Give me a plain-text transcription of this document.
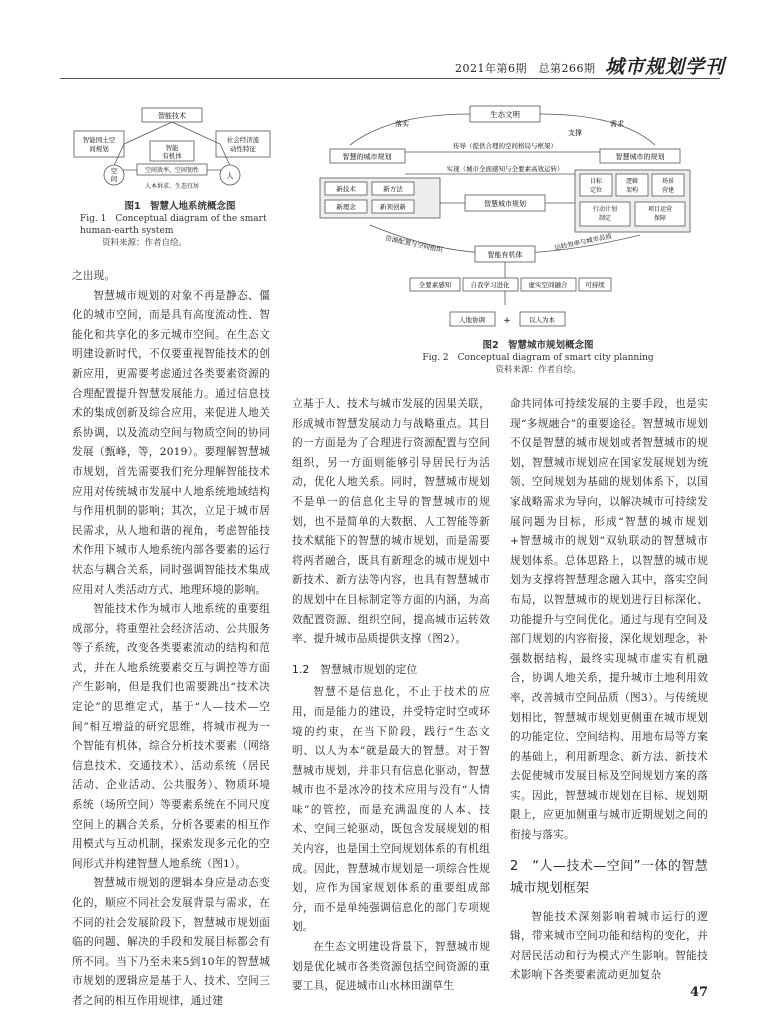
2021年第6期　总第266期 城市规划学刊
智能技术
智能国土空
间规划
社会经济流
动性特征
智能
有机体
空间效率、空间韧性
空
间	人
人本诉求、生态宜居
图1　智慧人地系统概念图
Fig. 1　Conceptual diagram of the smart human-earth system
资料来源：作者自绘。
生态文明
落实	需求
支撑
传导（提供合理的空间格局与框架）
智慧的城市规划	智慧城市的规划
实现（城市全面感知与全要素高效运转）
新技术	新方法
新理念	新领创新	智慧城市规划
目标
定位
逻辑
架构
场景
营建
行动计划
制定
项目运营
保障
资源配置与空间组织	运转效率与城市品质
智能有机体
全要素感知	自我学习进化	虚实空间融合	可持续
人地协调 +	以人为本
图2　智慧城市规划概念图
Fig. 2　Conceptual diagram of smart city planning
资料来源：作者自绘。

之出现。

智慧城市规划的对象不再是静态、僵化的城市空间，而是具有高度流动性、智能化和共享化的多元城市空间。在生态文明建设新时代，不仅要重视智能技术的创新应用，更需要考虑通过各类要素资源的合理配置提升智慧发展能力。通过信息技术的集成创新及综合应用，来促进人地关系协调，以及流动空间与物质空间的协同发展（甄峰，等，2019）。要理解智慧城市规划，首先需要我们充分理解智能技术应用对传统城市发展中人地系统地域结构与作用机制的影响；其次，立足于城市居民需求，从人地和谐的视角，考虑智能技术作用下城市人地系统内部各要素的运行状态与耦合关系，同时强调智能技术集成应用对人类活动方式、地理环境的影响。

智能技术作为城市人地系统的重要组成部分，将重塑社会经济活动、公共服务等子系统，改变各类要素流动的结构和范式，并在人地系统要素交互与调控等方面产生影响，但是我们也需要跳出“技术决定论”的思维定式，基于“人—技术—空间”相互增益的研究思维，将城市视为一个智能有机体，综合分析技术要素（网络信息技术、交通技术）、活动系统（居民活动、企业活动、公共服务）、物质环境系统（场所空间）等要素系统在不同尺度空间上的耦合关系，分析各要素的相互作用模式与互动机制，探索发现多元化的空间形式并构建智慧人地系统（图1）。

智慧城市规划的逻辑本身应是动态变化的，顺应不同社会发展背景与需求，在不同的社会发展阶段下，智慧城市规划面临的问题、解决的手段和发展目标都会有所不同。当下乃至未来5到10年的智慧城市规划的逻辑应是基于人、技术、空间三者之间的相互作用规律，通过建

立基于人、技术与城市发展的因果关联，形成城市智慧发展动力与战略重点。其目的一方面是为了合理进行资源配置与空间组织，另一方面则能够引导居民行为活动，优化人地关系。同时，智慧城市规划不是单一的信息化主导的智慧城市的规划，也不是简单的大数据、人工智能等新技术赋能下的智慧的城市规划，而是需要将两者融合，既具有新理念的城市规划中新技术、新方法等内容，也具有智慧城市的规划中在目标制定等方面的内涵，为高效配置资源、组织空间，提高城市运转效率、提升城市品质提供支撑（图2）。

1.2　智慧城市规划的定位

智慧不是信息化，不止于技术的应用，而是能力的建设，并受特定时空或环境的约束，在当下阶段，践行“生态文明、以人为本”就是最大的智慧。对于智慧城市规划，并非只有信息化驱动，智慧城市也不是冰冷的技术应用与没有“人情味”的管控，而是充满温度的人本、技术、空间三轮驱动，既包含发展规划的相关内容，也是国土空间规划体系的有机组成。因此，智慧城市规划是一项综合性规划，应作为国家规划体系的重要组成部分，而不是单纯强调信息化的部门专项规划。

在生态文明建设背景下，智慧城市规划是优化城市各类资源包括空间资源的重要工具，促进城市山水林田湖草生

命共同体可持续发展的主要手段，也是实现“多规融合”的重要途径。智慧城市规划不仅是智慧的城市规划或者智慧城市的规划，智慧城市规划应在国家发展规划为统领、空间规划为基础的规划体系下，以国家战略需求为导向，以解决城市可持续发展问题为目标，形成“智慧的城市规划+智慧城市的规划”双轨联动的智慧城市规划体系。总体思路上，以智慧的城市规划为支撑将智慧理念融入其中，落实空间布局，以智慧城市的规划进行目标深化、功能提升与空间优化。通过与现有空间及部门规划的内容衔接，深化规划理念，补强数据结构，最终实现城市虚实有机融合，协调人地关系，提升城市土地利用效率，改善城市空间品质（图3）。与传统规划相比，智慧城市规划更侧重在城市规划的功能定位、空间结构、用地布局等方案的基础上，利用新理念、新方法、新技术去促使城市发展目标及空间规划方案的落实。因此，智慧城市规划在目标、规划期限上，应更加侧重与城市近期规划之间的衔接与落实。

2　“人—技术—空间”一体的智慧城市规划框架

智能技术深刻影响着城市运行的逻辑，带来城市空间功能和结构的变化，并对居民活动和行为模式产生影响。智能技术影响下各类要素流动更加复杂

47
